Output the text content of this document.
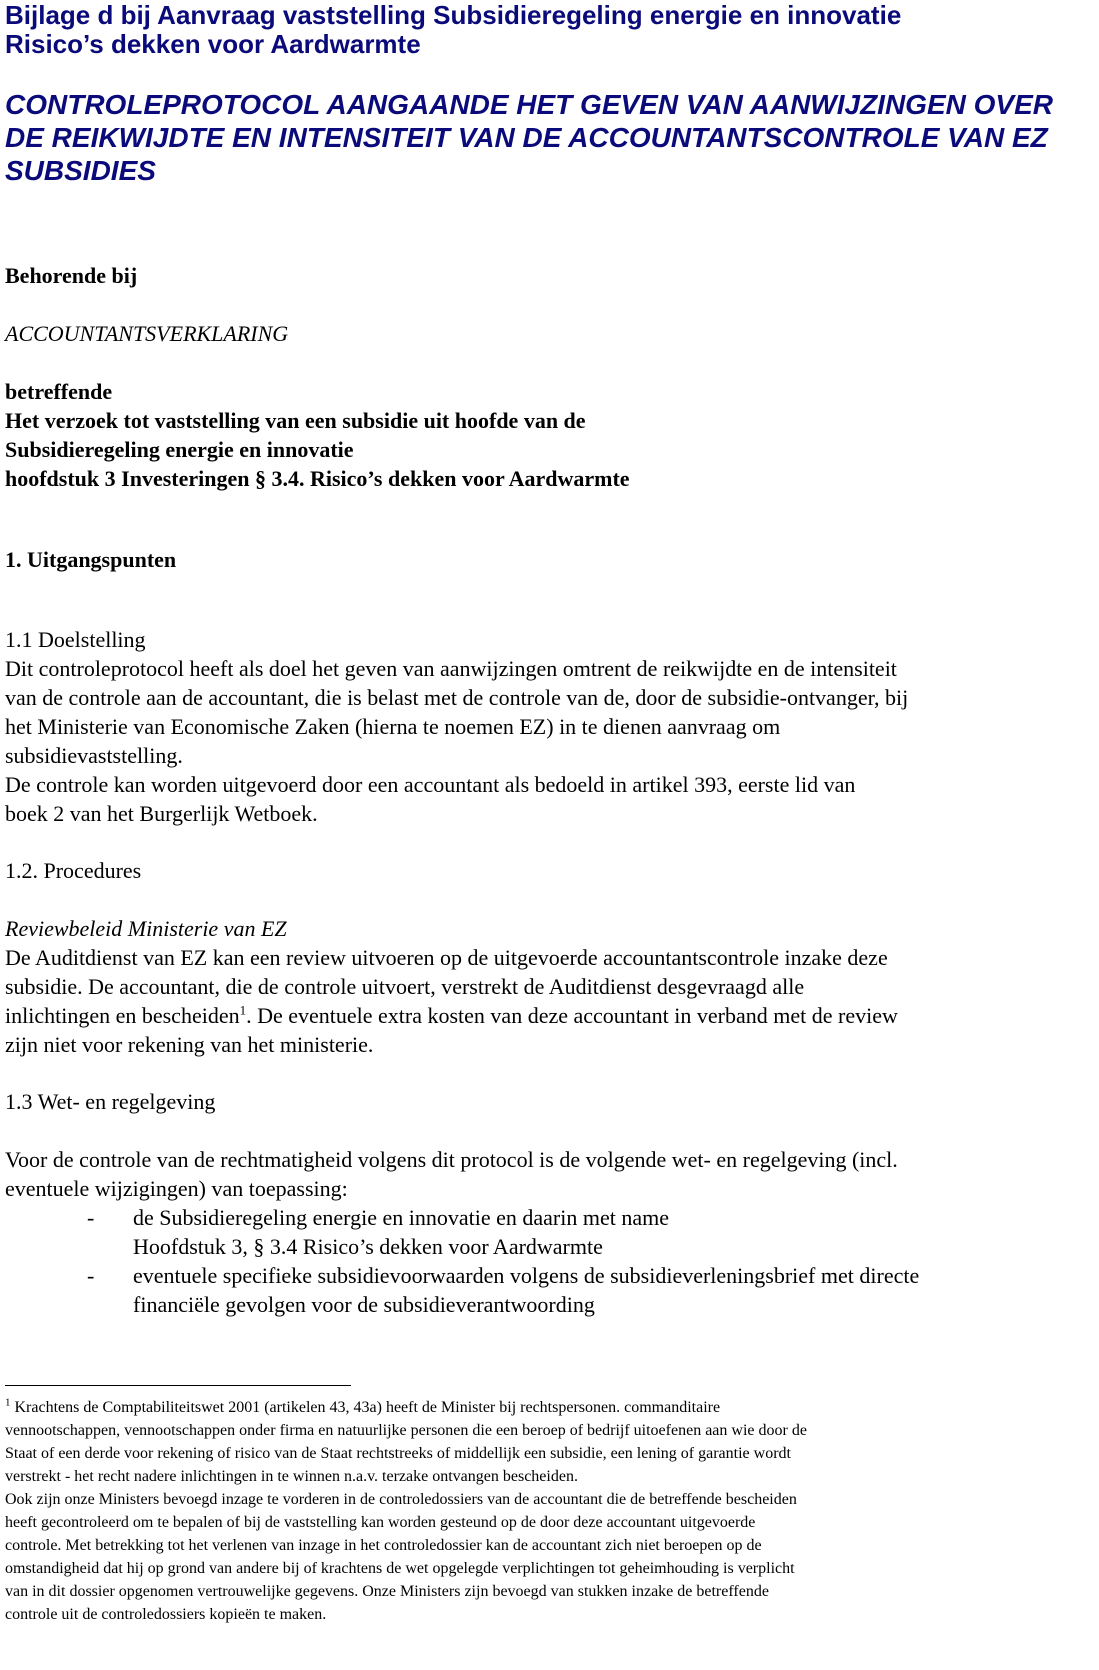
Bijlage d bij Aanvraag vaststelling Subsidieregeling energie en innovatie
Risico’s dekken voor Aardwarmte
CONTROLEPROTOCOL AANGAANDE HET GEVEN VAN AANWIJZINGEN OVER
DE REIKWIJDTE EN INTENSITEIT VAN DE ACCOUNTANTSCONTROLE VAN EZ
SUBSIDIES
Behorende bij
ACCOUNTANTSVERKLARING
betreffende
Het verzoek tot vaststelling van een subsidie uit hoofde van de
Subsidieregeling energie en innovatie
hoofdstuk 3 Investeringen § 3.4. Risico’s dekken voor Aardwarmte
1. Uitgangspunten
1.1 Doelstelling
Dit controleprotocol heeft als doel het geven van aanwijzingen omtrent de reikwijdte en de intensiteit
van de controle aan de accountant, die is belast met de controle van de, door de subsidie-ontvanger, bij
het Ministerie van Economische Zaken (hierna te noemen EZ) in te dienen aanvraag om
subsidievaststelling.
De controle kan worden uitgevoerd door een accountant als bedoeld in artikel 393, eerste lid van
boek 2 van het Burgerlijk Wetboek.
1.2. Procedures
Reviewbeleid Ministerie van EZ
De Auditdienst van EZ kan een review uitvoeren op de uitgevoerde accountantscontrole inzake deze
subsidie. De accountant, die de controle uitvoert, verstrekt de Auditdienst desgevraagd alle
inlichtingen en bescheiden$^1$. De eventuele extra kosten van deze accountant in verband met de review
zijn niet voor rekening van het ministerie.
1.3 Wet- en regelgeving
Voor de controle van de rechtmatigheid volgens dit protocol is de volgende wet- en regelgeving (incl.
eventuele wijzigingen) van toepassing:
- de Subsidieregeling energie en innovatie en daarin met name
Hoofdstuk 3, § 3.4 Risico’s dekken voor Aardwarmte
- eventuele specifieke subsidievoorwaarden volgens de subsidieverleningsbrief met directe
financiële gevolgen voor de subsidieverantwoording
$^1$ Krachtens de Comptabiliteitswet 2001 (artikelen 43, 43a) heeft de Minister bij rechtspersonen. commanditaire
vennootschappen, vennootschappen onder firma en natuurlijke personen die een beroep of bedrijf uitoefenen aan wie door de
Staat of een derde voor rekening of risico van de Staat rechtstreeks of middellijk een subsidie, een lening of garantie wordt
verstrekt - het recht nadere inlichtingen in te winnen n.a.v. terzake ontvangen bescheiden.
Ook zijn onze Ministers bevoegd inzage te vorderen in de controledossiers van de accountant die de betreffende bescheiden
heeft gecontroleerd om te bepalen of bij de vaststelling kan worden gesteund op de door deze accountant uitgevoerde
controle. Met betrekking tot het verlenen van inzage in het controledossier kan de accountant zich niet beroepen op de
omstandigheid dat hij op grond van andere bij of krachtens de wet opgelegde verplichtingen tot geheimhouding is verplicht
van in dit dossier opgenomen vertrouwelijke gegevens. Onze Ministers zijn bevoegd van stukken inzake de betreffende
controle uit de controledossiers kopieën te maken.
